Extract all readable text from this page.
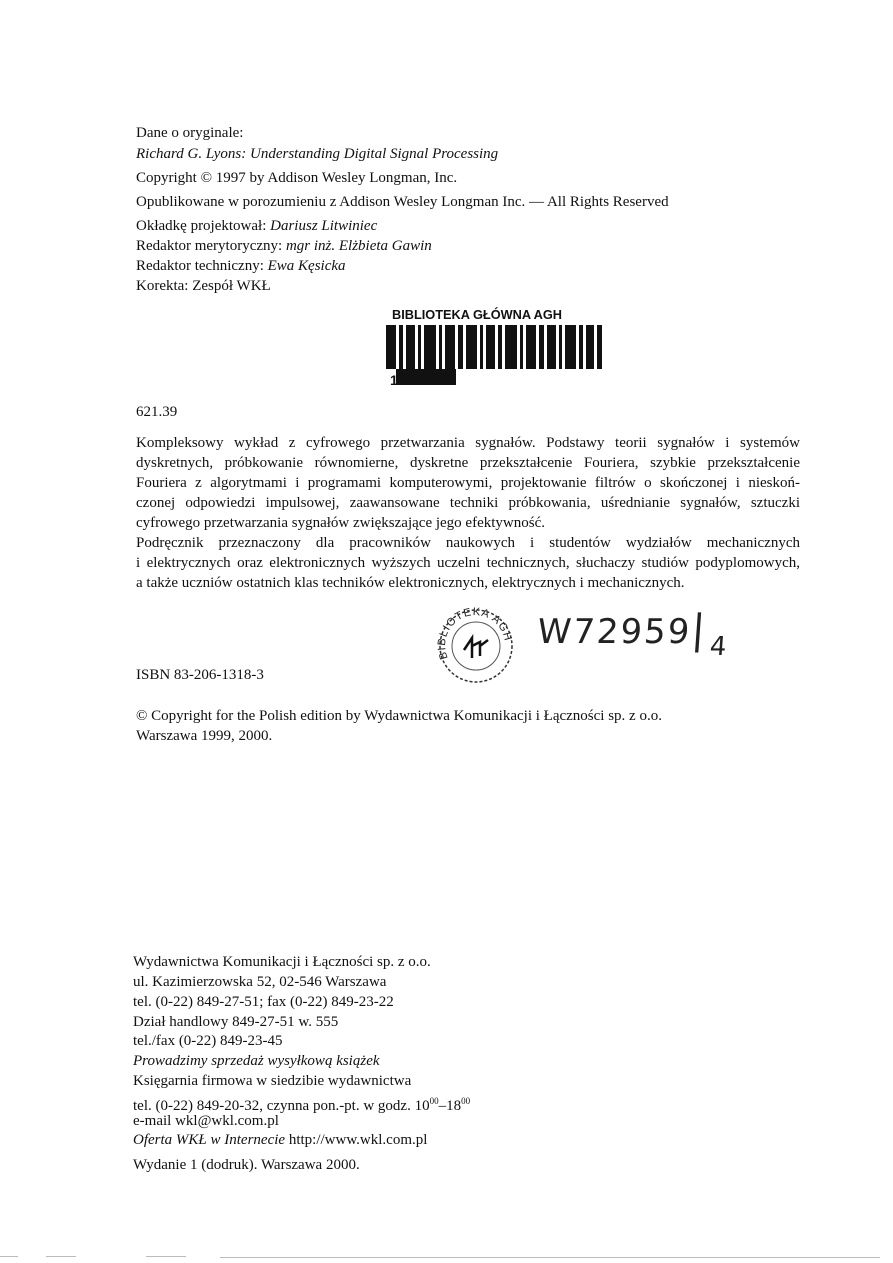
Dane o oryginale:
Richard G. Lyons: Understanding Digital Signal Processing
Copyright © 1997 by Addison Wesley Longman, Inc.
Opublikowane w porozumieniu z Addison Wesley Longman Inc. — All Rights Reserved
Okładkę projektował: Dariusz Litwiniec
Redaktor merytoryczny: mgr inż. Elżbieta Gawin
Redaktor techniczny: Ewa Kęsicka
Korekta: Zespół WKŁ
BIBLIOTEKA GŁÓWNA AGH
1.....11
621.39
Kompleksowy wykład z cyfrowego przetwarzania sygnałów. Podstawy teorii sygnałów i systemów
dyskretnych, próbkowanie równomierne, dyskretne przekształcenie Fouriera, szybkie przekształcenie
Fouriera z algorytmami i programami komputerowymi, projektowanie filtrów o skończonej i nieskoń-
czonej odpowiedzi impulsowej, zaawansowane techniki próbkowania, uśrednianie sygnałów, sztuczki
cyfrowego przetwarzania sygnałów zwiększające jego efektywność.
Podręcznik przeznaczony dla pracowników naukowych i studentów wydziałów mechanicznych
i elektrycznych oraz elektronicznych wyższych uczelni technicznych, słuchaczy studiów podyplomowych,
a także uczniów ostatnich klas techników elektronicznych, elektrycznych i mechanicznych.
BIBLIOTEKA AGH $W72959|_4$
ISBN 83-206-1318-3
© Copyright for the Polish edition by Wydawnictwa Komunikacji i Łączności sp. z o.o.
Warszawa 1999, 2000.
Wydawnictwa Komunikacji i Łączności sp. z o.o.
ul. Kazimierzowska 52, 02-546 Warszawa
tel. (0-22) 849-27-51; fax (0-22) 849-23-22
Dział handlowy 849-27-51 w. 555
tel./fax (0-22) 849-23-45
Prowadzimy sprzedaż wysyłkową książek
Księgarnia firmowa w siedzibie wydawnictwa
tel. (0-22) 849-20-32, czynna pon.-pt. w godz. $10^{00}-18^{00}$
e-mail wkl@wkl.com.pl
Oferta WKŁ w Internecie http://www.wkl.com.pl
Wydanie 1 (dodruk). Warszawa 2000.
